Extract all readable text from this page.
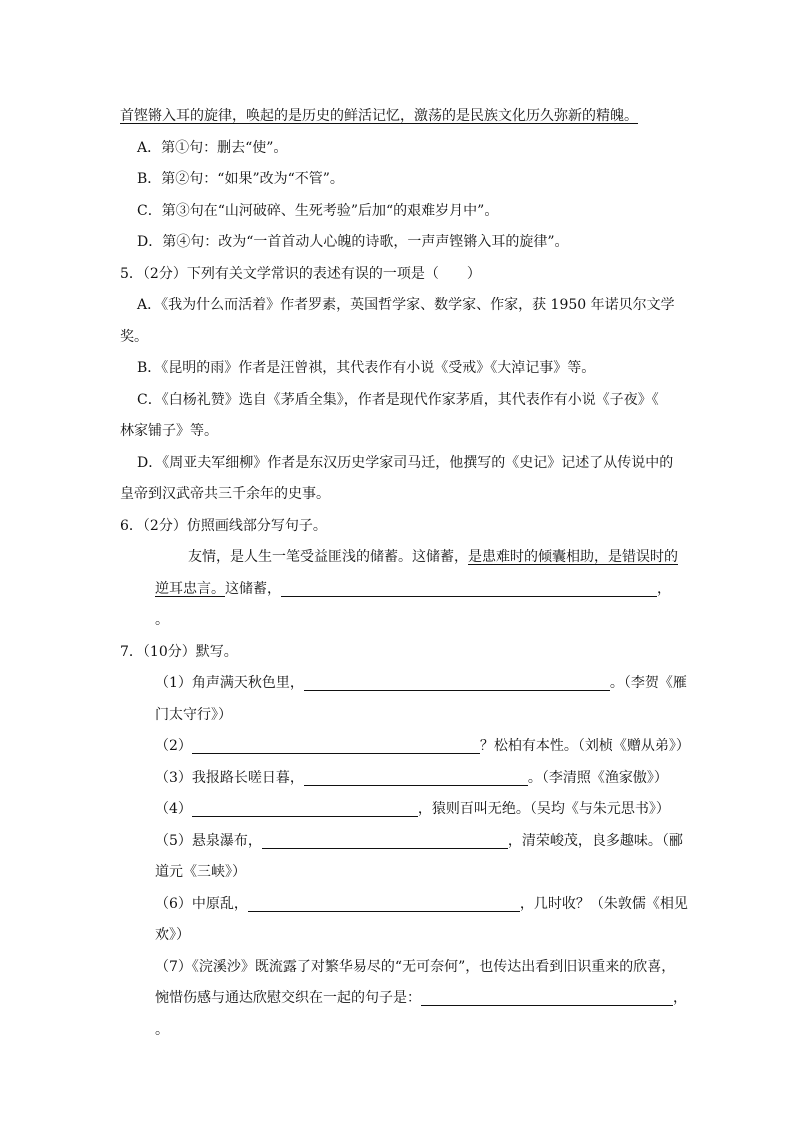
首铿锵入耳的旋律，唤起的是历史的鲜活记忆，激荡的是民族文化历久弥新的精魄。
A．第①句：删去“使”。
B．第②句：“如果”改为“不管”。
C．第③句在“山河破碎、生死考验”后加“的艰难岁月中”。
D．第④句：改为“一首首动人心魄的诗歌，一声声铿锵入耳的旋律”。
5．（2分）下列有关文学常识的表述有误的一项是（　　）
A．《我为什么而活着》作者罗素，英国哲学家、数学家、作家，获 1950 年诺贝尔文学
奖。
B．《昆明的雨》作者是汪曾祺，其代表作有小说《受戒》《大淖记事》等。
C．《白杨礼赞》选自《茅盾全集》，作者是现代作家茅盾，其代表作有小说《子夜》《
林家铺子》等。
D．《周亚夫军细柳》作者是东汉历史学家司马迁，他撰写的《史记》记述了从传说中的
皇帝到汉武帝共三千余年的史事。
6．（2分）仿照画线部分写句子。
友情，是人生一笔受益匪浅的储蓄。这储蓄，是患难时的倾囊相助，是错误时的
逆耳忠言。这储蓄，	，
。
7．（10分）默写。
（1）角声满天秋色里，	。（李贺《雁
门太守行》）
（2）	？松柏有本性。（刘桢《赠从弟》）
（3）我报路长嗟日暮，	。（李清照《渔家傲》）
（4）	，猿则百叫无绝。（吴均《与朱元思书》）
（5）悬泉瀑布，	，清荣峻茂，良多趣味。（郦
道元《三峡》）
（6）中原乱，	，几时收？（朱敦儒《相见
欢》）
（7）《浣溪沙》既流露了对繁华易尽的“无可奈何”，也传达出看到旧识重来的欣喜，
惋惜伤感与通达欣慰交织在一起的句子是：	，
。
